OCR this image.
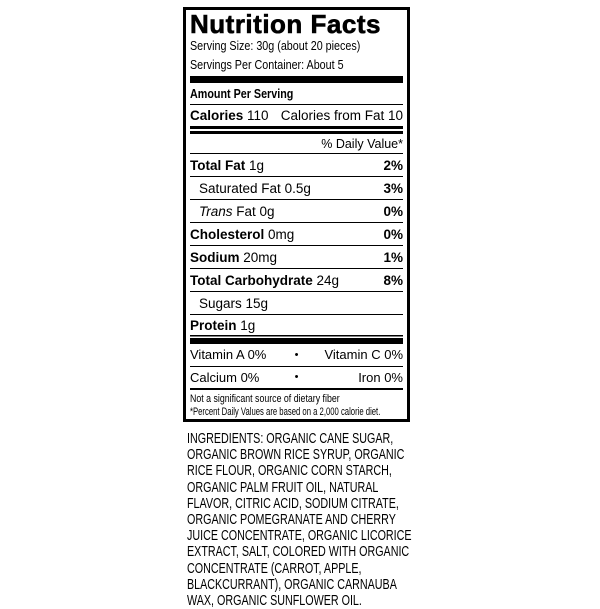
Nutrition Facts
Serving Size: 30g (about 20 pieces)
Servings Per Container: About 5
Amount Per Serving
Calories 110 Calories from Fat 10
% Daily Value*
Total Fat 1g	2%
Saturated Fat 0.5g	3%
Trans Fat 0g	0%
Cholesterol 0mg	0%
Sodium 20mg	1%
Total Carbohydrate 24g	8%
Sugars 15g
Protein 1g
Vitamin A 0%	•	Vitamin C 0%
Calcium 0%	•	Iron 0%
Not a significant source of dietary fiber
*Percent Daily Values are based on a 2,000 calorie diet.
INGREDIENTS: ORGANIC CANE SUGAR,
ORGANIC BROWN RICE SYRUP, ORGANIC
RICE FLOUR, ORGANIC CORN STARCH,
ORGANIC PALM FRUIT OIL, NATURAL
FLAVOR, CITRIC ACID, SODIUM CITRATE,
ORGANIC POMEGRANATE AND CHERRY
JUICE CONCENTRATE, ORGANIC LICORICE
EXTRACT, SALT, COLORED WITH ORGANIC
CONCENTRATE (CARROT, APPLE,
BLACKCURRANT), ORGANIC CARNAUBA
WAX, ORGANIC SUNFLOWER OIL.
